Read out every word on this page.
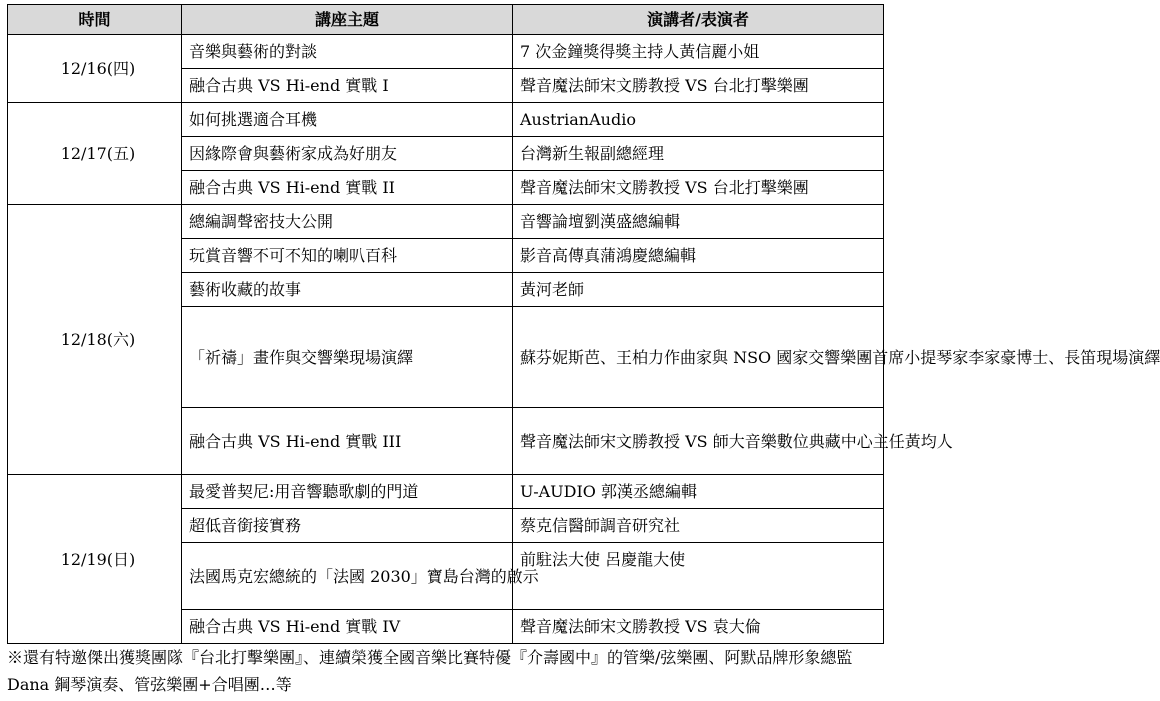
時間	講座主題	演講者/表演者
12/16(四)	音樂與藝術的對談	7 次金鐘獎得獎主持人黃信麗小姐
	融合古典 VS Hi-end 實戰 I	聲音魔法師宋文勝教授 VS 台北打擊樂團
12/17(五)	如何挑選適合耳機	AustrianAudio
	因緣際會與藝術家成為好朋友	台灣新生報副總經理
	融合古典 VS Hi-end 實戰 II	聲音魔法師宋文勝教授 VS 台北打擊樂團
12/18(六)	總編調聲密技大公開	音響論壇劉漢盛總編輯
	玩賞音響不可不知的喇叭百科	影音高傳真蒲鴻慶總編輯
	藝術收藏的故事	黃河老師
	「祈禱」畫作與交響樂現場演繹	蘇芬妮斯芭、王柏力作曲家與 NSO 國家交響樂團首席小提琴家李家豪博士、長笛現場演繹
	融合古典 VS Hi-end 實戰 III	聲音魔法師宋文勝教授 VS 師大音樂數位典藏中心主任黃均人
12/19(日)	最愛普契尼:用音響聽歌劇的門道	U-AUDIO 郭漢丞總編輯
	超低音銜接實務	蔡克信醫師調音研究社
	法國馬克宏總統的「法國 2030」寶島台灣的啟示	前駐法大使 呂慶龍大使
	融合古典 VS Hi-end 實戰 IV	聲音魔法師宋文勝教授 VS 袁大倫
※還有特邀傑出獲獎團隊『台北打擊樂團』、連續榮獲全國音樂比賽特優『介壽國中』的管樂/弦樂團、阿默品牌形象總監 Dana 鋼琴演奏、管弦樂團+合唱團…等
